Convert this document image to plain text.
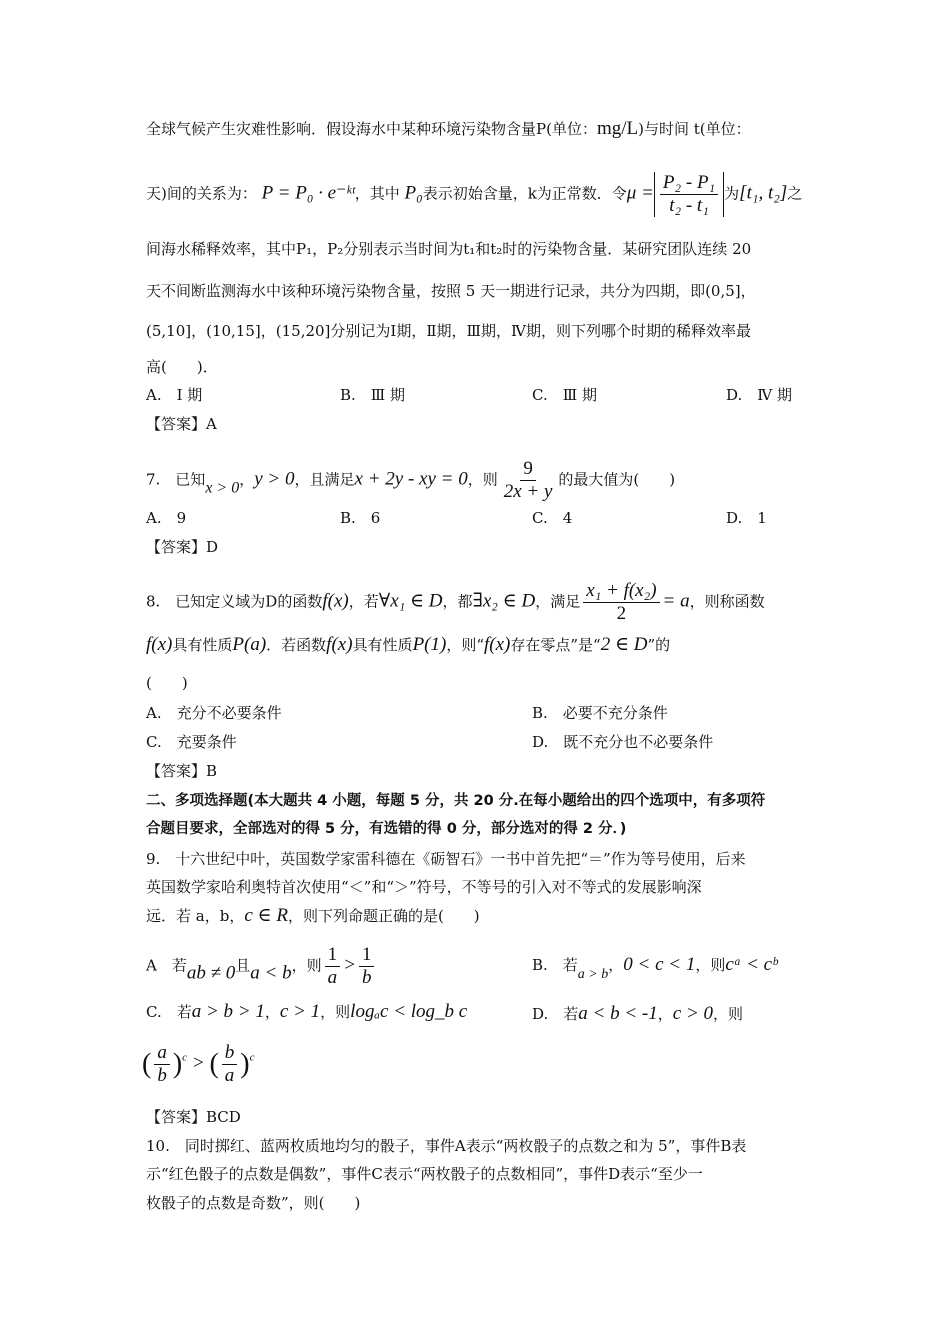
全球气候产生灾难性影响．假设海水中某种环境污染物含量P(单位：mg/L)与时间 t(单位：
天)间的关系为： P = P₀ · e⁻ᵏᵗ，其中 P₀表示初始含量，k为正常数．令$\mu = \frac{\text{P₂ - P₁}}{\text{t₂ - t₁}}$ 为[t₁, t₂]之
间海水稀释效率，其中P₁，P₂分别表示当时间为t₁和t₂时的污染物含量．某研究团队连续 20
天不间断监测海水中该种环境污染物含量，按照 5 天一期进行记录，共分为四期，即(0,5]，
(5,10]，(10,15]，(15,20]分别记为Ⅰ期，Ⅱ期，Ⅲ期，Ⅳ期，则下列哪个时期的稀释效率最
高(　　)．
A.　Ⅰ 期	B.　Ⅲ 期	C.　Ⅲ 期	D.　Ⅳ 期
【答案】A
7.　已知x > 0，y > 0，且满足x + 2y - xy = 0，则 $\frac{9}{2x + y}$ 的最大值为(　　)
A.　9	B.　6	C.　4	D.　1
【答案】D
8.　已知定义域为D的函数f(x)，若∀x₁ ∈ D，都∃x₂ ∈ D，满足 $\frac{\text{x₁ + f(x₂)}}{2} = a$，则称函数
f(x)具有性质P(a)．若函数f(x)具有性质P(1)，则“f(x)存在零点”是“2 ∈ D”的
(　　)
A.　充分不必要条件	B.　必要不充分条件
C.　充要条件	D.　既不充分也不必要条件
【答案】B
二、多项选择题(本大题共 4 小题，每题 5 分，共 20 分.在每小题给出的四个选项中，有多项符
合题目要求，全部选对的得 5 分，有选错的得 0 分，部分选对的得 2 分．)
9.　十六世纪中叶，英国数学家雷科德在《砺智石》一书中首先把“＝”作为等号使用，后来
英国数学家哈利奥特首次使用“＜”和“＞”符号，不等号的引入对不等式的发展影响深
远．若 a，b，c ∈ R，则下列命题正确的是(　　)
A　若ab ≠ 0且a < b，则 $\frac{1}{a} > \frac{1}{b}$	B.　若a > b，0 < c < 1，则cᵃ < cᵇ
C.　若a > b > 1，c > 1，则logₐc < log_b c	D.　若a < b < -1，c > 0，则
( $\frac{a}{b} )^c$ > ( $\frac{b}{a} )^c$
【答案】BCD
10.　同时掷红、蓝两枚质地均匀的骰子，事件A表示“两枚骰子的点数之和为 5”，事件B表
示“红色骰子的点数是偶数”，事件C表示“两枚骰子的点数相同”，事件D表示“至少一
枚骰子的点数是奇数”，则(　　)
